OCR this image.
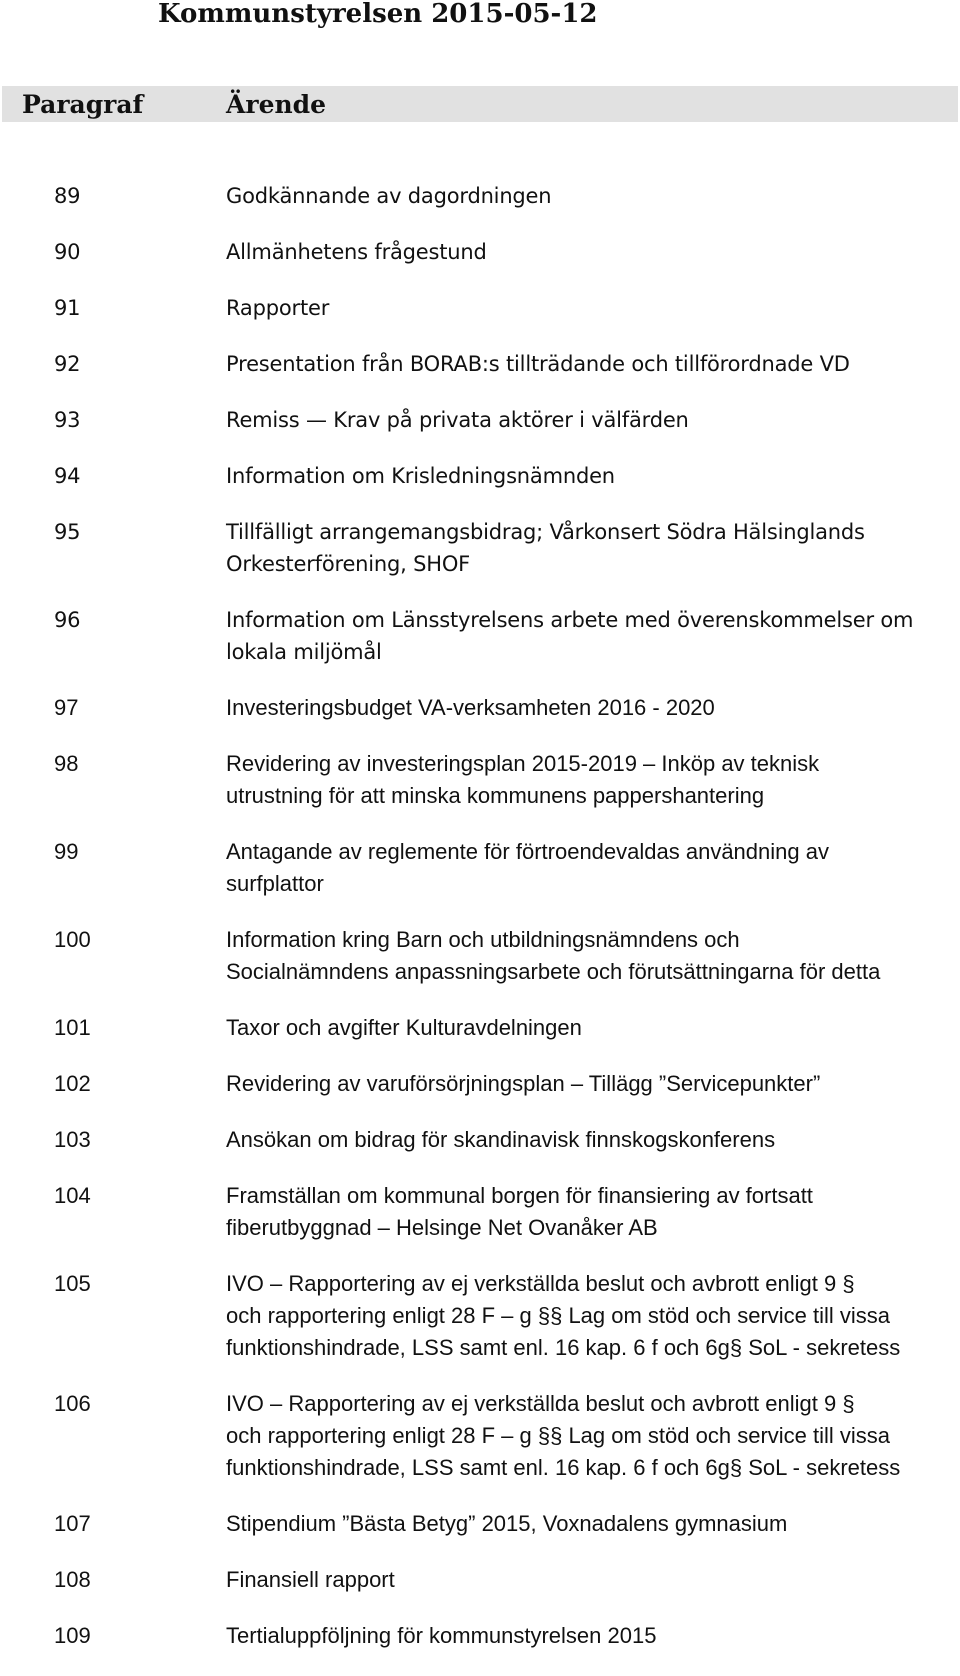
Kommunstyrelsen 2015-05-12
Paragraf	Ärende
89	Godkännande av dagordningen
90	Allmänhetens frågestund
91	Rapporter
92	Presentation från BORAB:s tillträdande och tillförordnade VD
93	Remiss — Krav på privata aktörer i välfärden
94	Information om Krisledningsnämnden
95	Tillfälligt arrangemangsbidrag; Vårkonsert Södra Hälsinglands
Orkesterförening, SHOF
96	Information om Länsstyrelsens arbete med överenskommelser om
lokala miljömål
97	Investeringsbudget VA-verksamheten 2016 - 2020
98	Revidering av investeringsplan 2015-2019 – Inköp av teknisk
utrustning för att minska kommunens pappershantering
99	Antagande av reglemente för förtroendevaldas användning av
surfplattor
100	Information kring Barn och utbildningsnämndens och
Socialnämndens anpassningsarbete och förutsättningarna för detta
101	Taxor och avgifter Kulturavdelningen
102	Revidering av varuförsörjningsplan – Tillägg ”Servicepunkter”
103	Ansökan om bidrag för skandinavisk finnskogskonferens
104	Framställan om kommunal borgen för finansiering av fortsatt
fiberutbyggnad – Helsinge Net Ovanåker AB
105	IVO – Rapportering av ej verkställda beslut och avbrott enligt 9 §
och rapportering enligt 28 F – g §§ Lag om stöd och service till vissa
funktionshindrade, LSS samt enl. 16 kap. 6 f och 6g§ SoL - sekretess
106	IVO – Rapportering av ej verkställda beslut och avbrott enligt 9 §
och rapportering enligt 28 F – g §§ Lag om stöd och service till vissa
funktionshindrade, LSS samt enl. 16 kap. 6 f och 6g§ SoL - sekretess
107	Stipendium ”Bästa Betyg” 2015, Voxnadalens gymnasium
108	Finansiell rapport
109	Tertialuppföljning för kommunstyrelsen 2015
